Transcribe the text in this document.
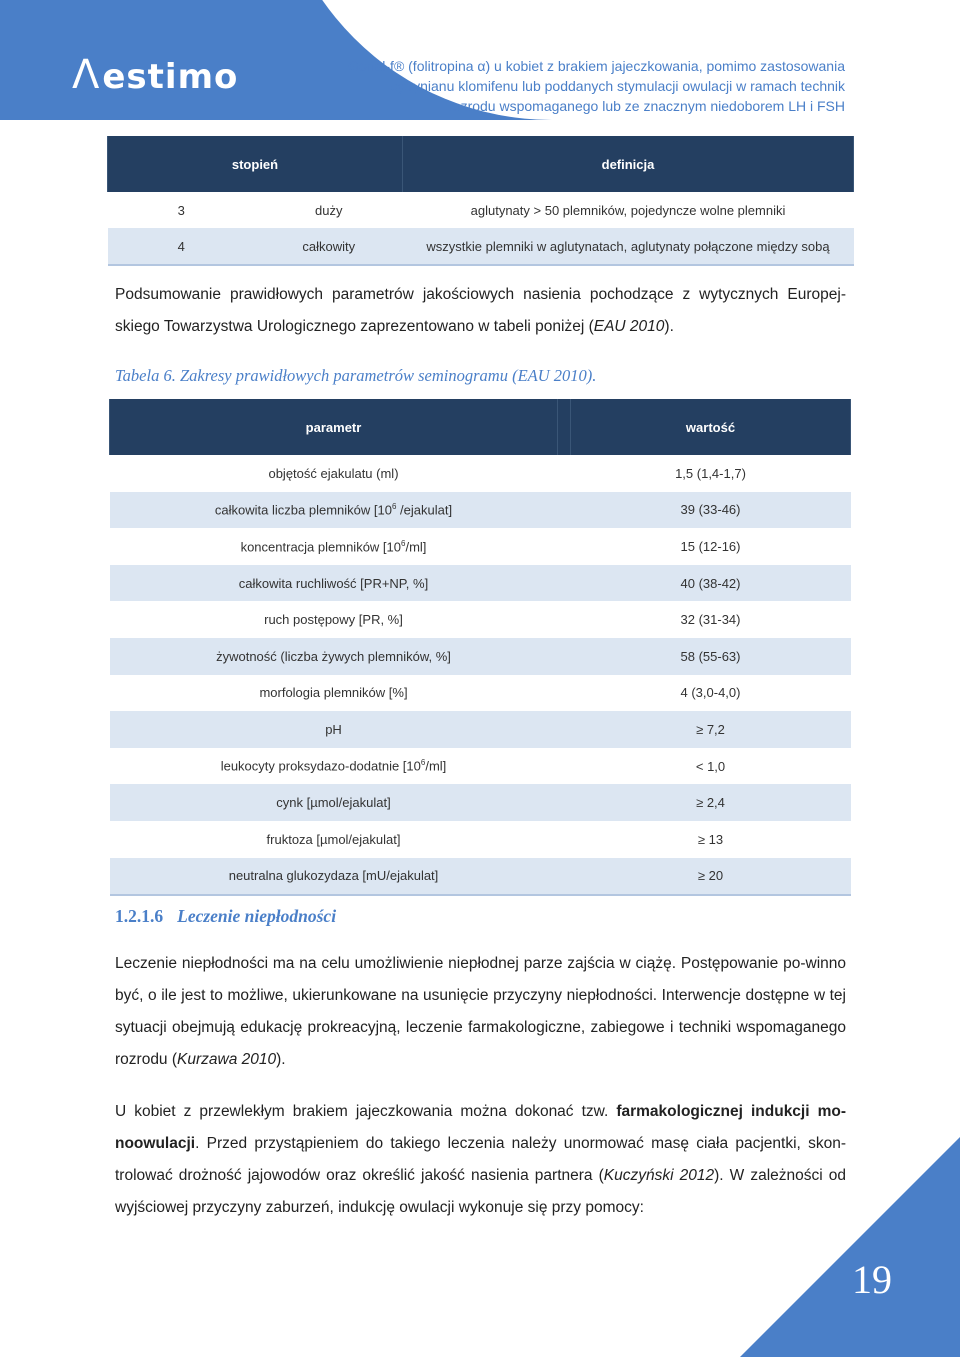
Λestimo	Gonal-f® (folitropina α) u kobiet z brakiem jajeczkowania, pomimo zastosowania
cytrynianu klomifenu lub poddanych stymulacji owulacji w ramach technik
rozrodu wspomaganego lub ze znacznym niedoborem LH i FSH
stopień		definicja
3	duży	aglutynaty > 50 plemników, pojedyncze wolne plemniki
4	całkowity	wszystkie plemniki w aglutynatach, aglutynaty połączone między sobą
Podsumowanie prawidłowych parametrów jakościowych nasienia pochodzące z wytycznych Europej-skiego Towarzystwa Urologicznego zaprezentowano w tabeli poniżej (EAU 2010).
Tabela 6. Zakresy prawidłowych parametrów seminogramu (EAU 2010).
parametr		wartość
objętość ejakulatu (ml)		1,5 (1,4-1,7)
całkowita liczba plemników [$10^6$ /ejakulat]		39 (33-46)
koncentracja plemników $[10^6/ml]$		15 (12-16)
całkowita ruchliwość [PR+NP, %]		40 (38-42)
ruch postępowy [PR, %]		32 (31-34)
żywotność (liczba żywych plemników, %]		58 (55-63)
morfologia plemników [%]		4 (3,0-4,0)
pH		≥ 7,2
leukocyty proksydazo-dodatnie $[10^6/ml]$		< 1,0
cynk [µmol/ejakulat]		≥ 2,4
fruktoza [µmol/ejakulat]		≥ 13
neutralna glukozydaza [mU/ejakulat]		≥ 20
1.2.1.6 Leczenie niepłodności
Leczenie niepłodności ma na celu umożliwienie niepłodnej parze zajścia w ciążę. Postępowanie po-winno być, o ile jest to możliwe, ukierunkowane na usunięcie przyczyny niepłodności. Interwencje dostępne w tej sytuacji obejmują edukację prokreacyjną, leczenie farmakologiczne, zabiegowe i techniki wspomaganego rozrodu (Kurzawa 2010).
U kobiet z przewlekłym brakiem jajeczkowania można dokonać tzw. farmakologicznej indukcji mo-noowulacji. Przed przystąpieniem do takiego leczenia należy unormować masę ciała pacjentki, skon-trolować drożność jajowodów oraz określić jakość nasienia partnera (Kuczyński 2012). W zależności od wyjściowej przyczyny zaburzeń, indukcję owulacji wykonuje się przy pomocy:
19
